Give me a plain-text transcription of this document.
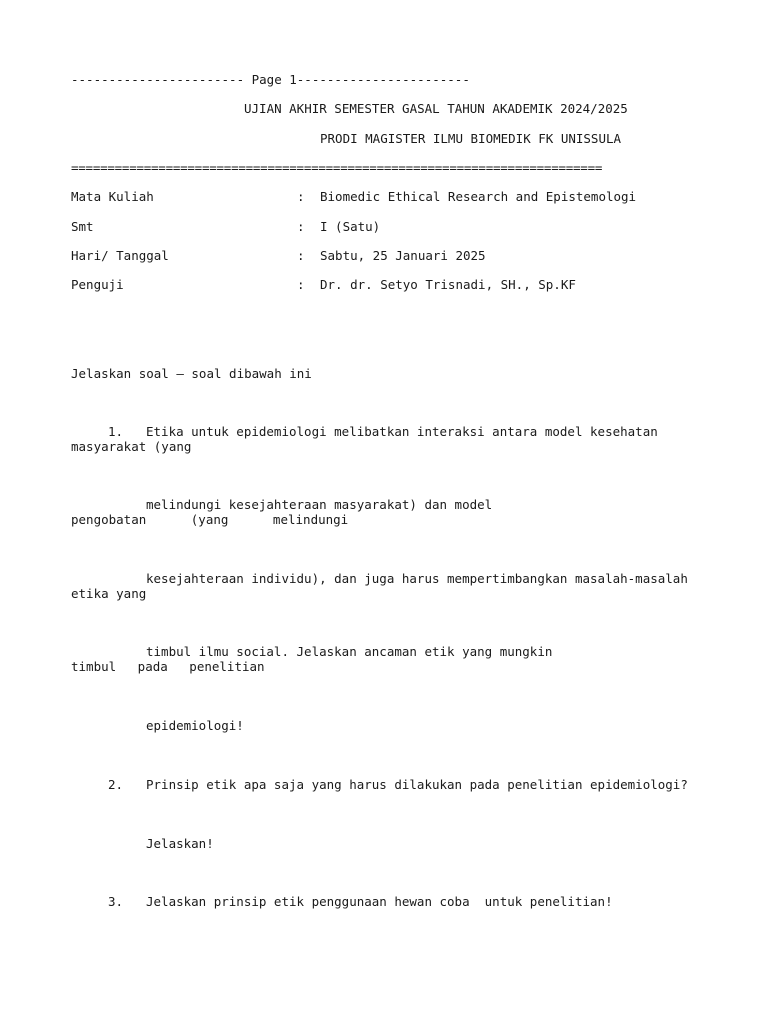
----------------------- Page 1-----------------------
UJIAN AKHIR SEMESTER GASAL TAHUN AKADEMIK 2024/2025
PRODI MAGISTER ILMU BIOMEDIK FK UNISSULA
=========================================================================
Mata Kuliah	: Biomedic Ethical Research and Epistemologi
Smt	: I (Satu)
Hari/ Tanggal	: Sabtu, 25 Januari 2025
Penguji	: Dr. dr. Setyo Trisnadi, SH., Sp.KF
Jelaskan soal – soal dibawah ini
1. Etika untuk epidemiologi melibatkan interaksi antara model kesehatan
masyarakat (yang
melindungi kesejahteraan masyarakat) dan model
pengobatan (yang melindungi
kesejahteraan individu), dan juga harus mempertimbangkan masalah-masalah
etika yang
timbul ilmu social. Jelaskan ancaman etik yang mungkin
timbul pada penelitian
epidemiologi!
2. Prinsip etik apa saja yang harus dilakukan pada penelitian epidemiologi?
Jelaskan!
3. Jelaskan prinsip etik penggunaan hewan coba  untuk penelitian!
